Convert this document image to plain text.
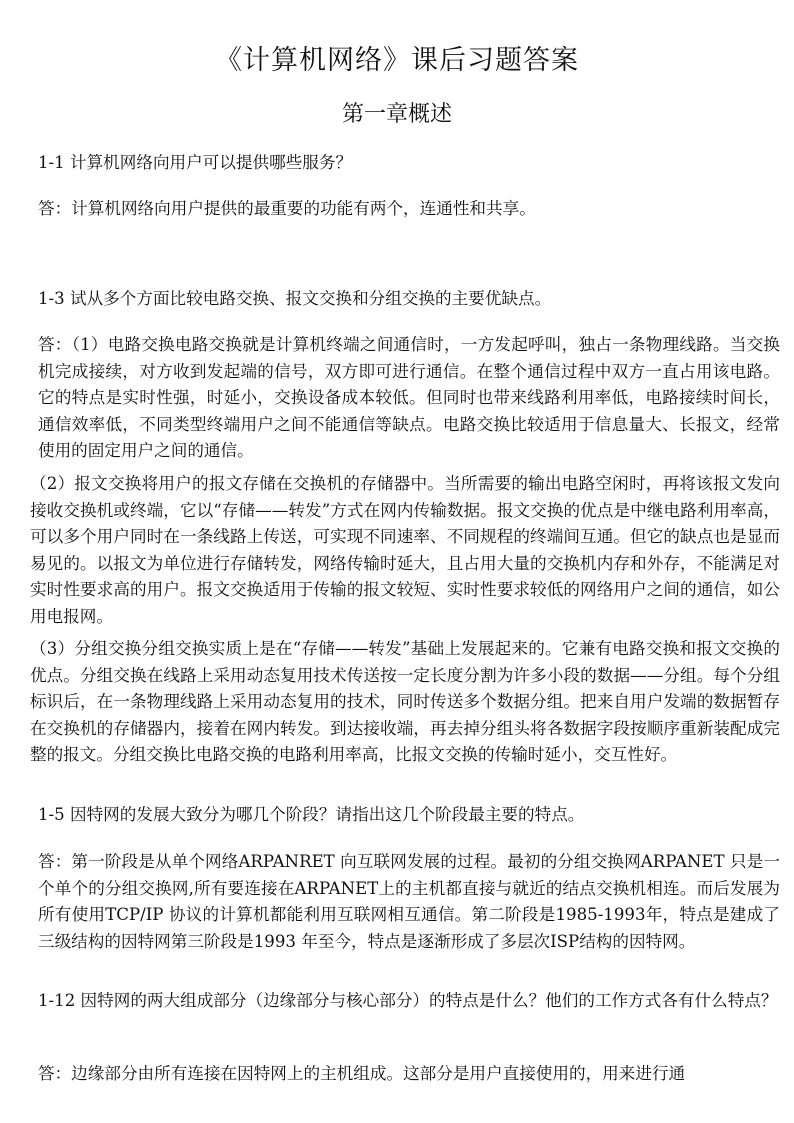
《计算机网络》课后习题答案
第一章概述

1-1 计算机网络向用户可以提供哪些服务？

答：计算机网络向用户提供的最重要的功能有两个，连通性和共享。

1-3 试从多个方面比较电路交换、报文交换和分组交换的主要优缺点。

答：（1）电路交换电路交换就是计算机终端之间通信时，一方发起呼叫，独占一条物理线路。当交换机完成接续，对方收到发起端的信号，双方即可进行通信。在整个通信过程中双方一直占用该电路。它的特点是实时性强，时延小，交换设备成本较低。但同时也带来线路利用率低，电路接续时间长，通信效率低，不同类型终端用户之间不能通信等缺点。电路交换比较适用于信息量大、长报文，经常使用的固定用户之间的通信。

（2）报文交换将用户的报文存储在交换机的存储器中。当所需要的输出电路空闲时，再将该报文发向接收交换机或终端，它以“存储——转发”方式在网内传输数据。报文交换的优点是中继电路利用率高，可以多个用户同时在一条线路上传送，可实现不同速率、不同规程的终端间互通。但它的缺点也是显而易见的。以报文为单位进行存储转发，网络传输时延大，且占用大量的交换机内存和外存，不能满足对实时性要求高的用户。报文交换适用于传输的报文较短、实时性要求较低的网络用户之间的通信，如公用电报网。

（3）分组交换分组交换实质上是在“存储——转发”基础上发展起来的。它兼有电路交换和报文交换的优点。分组交换在线路上采用动态复用技术传送按一定长度分割为许多小段的数据——分组。每个分组标识后，在一条物理线路上采用动态复用的技术，同时传送多个数据分组。把来自用户发端的数据暂存在交换机的存储器内，接着在网内转发。到达接收端，再去掉分组头将各数据字段按顺序重新装配成完整的报文。分组交换比电路交换的电路利用率高，比报文交换的传输时延小，交互性好。

1-5 因特网的发展大致分为哪几个阶段？请指出这几个阶段最主要的特点。

答：第一阶段是从单个网络ARPANRET 向互联网发展的过程。最初的分组交换网ARPANET 只是一个单个的分组交换网,所有要连接在ARPANET上的主机都直接与就近的结点交换机相连。而后发展为所有使用TCP/IP 协议的计算机都能利用互联网相互通信。第二阶段是1985-1993年，特点是建成了三级结构的因特网第三阶段是1993 年至今，特点是逐渐形成了多层次ISP结构的因特网。

1-12 因特网的两大组成部分（边缘部分与核心部分）的特点是什么？他们的工作方式各有什么特点？

答：边缘部分由所有连接在因特网上的主机组成。这部分是用户直接使用的，用来进行通
